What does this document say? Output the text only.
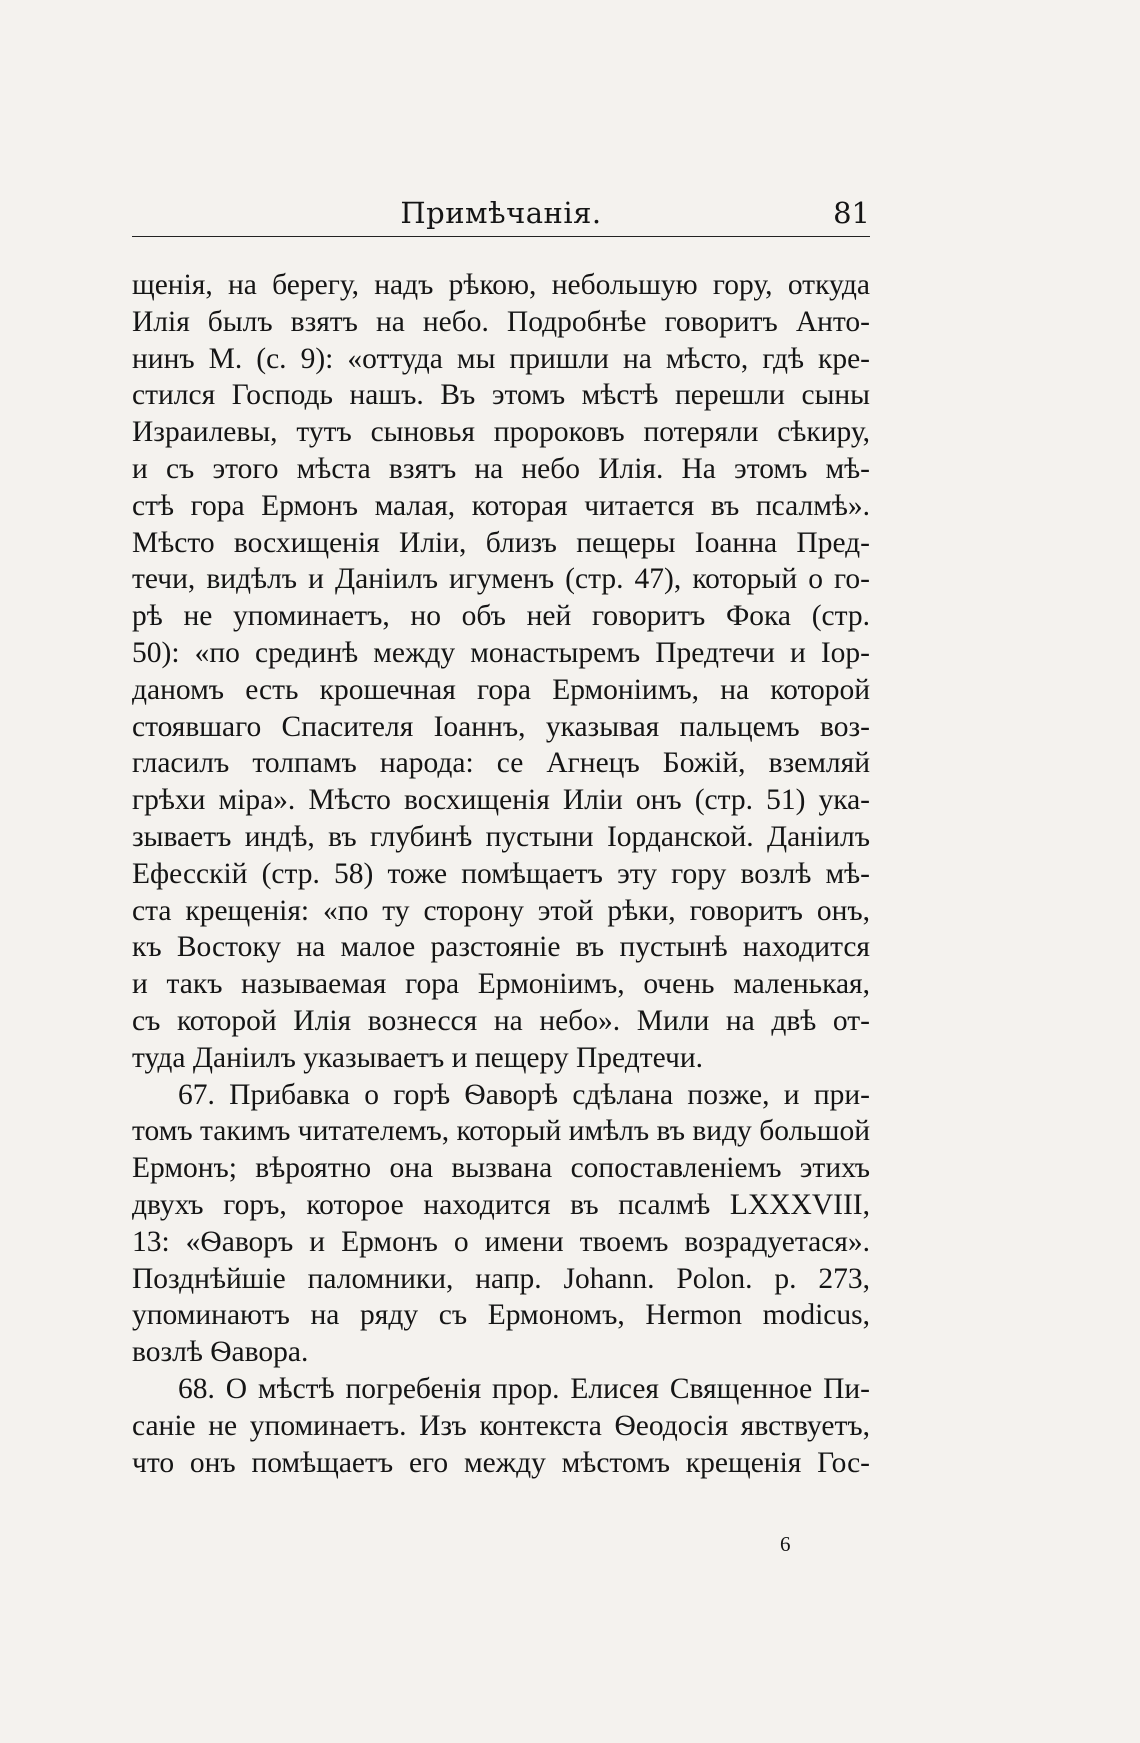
Примѣчанія.	81
щенія, на берегу, надъ рѣкою, небольшую гору, откуда
Илія былъ взятъ на небо. Подробнѣе говоритъ Анто-
нинъ М. (с. 9): «оттуда мы пришли на мѣсто, гдѣ кре-
стился Господь нашъ. Въ этомъ мѣстѣ перешли сыны
Израилевы, тутъ сыновья пророковъ потеряли сѣкиру,
и съ этого мѣста взятъ на небо Илія. На этомъ мѣ-
стѣ гора Ермонъ малая, которая читается въ псалмѣ».
Мѣсто восхищенія Иліи, близъ пещеры Іоанна Пред-
течи, видѣлъ и Даніилъ игуменъ (стр. 47), который о го-
рѣ не упоминаетъ, но объ ней говоритъ Фока (стр.
50): «по срединѣ между монастыремъ Предтечи и Іор-
даномъ есть крошечная гора Ермоніимъ, на которой
стоявшаго Спасителя Іоаннъ, указывая пальцемъ воз-
гласилъ толпамъ народа: се Агнецъ Божій, вземляй
грѣхи міра». Мѣсто восхищенія Иліи онъ (стр. 51) ука-
зываетъ индѣ, въ глубинѣ пустыни Іорданской. Даніилъ
Ефесскій (стр. 58) тоже помѣщаетъ эту гору возлѣ мѣ-
ста крещенія: «по ту сторону этой рѣки, говоритъ онъ,
къ Востоку на малое разстояніе въ пустынѣ находится
и такъ называемая гора Ермоніимъ, очень маленькая,
съ которой Илія вознесся на небо». Мили на двѣ от-
туда Даніилъ указываетъ и пещеру Предтечи.
67. Прибавка о горѣ Ѳаворѣ сдѣлана позже, и при-
томъ такимъ читателемъ, который имѣлъ въ виду большой
Ермонъ; вѣроятно она вызвана сопоставленіемъ этихъ
двухъ горъ, которое находится въ псалмѣ LXXXVIII,
13: «Ѳаворъ и Ермонъ о имени твоемъ возрадуетася».
Позднѣйшіе паломники, напр. Johann. Polon. p. 273,
упоминаютъ на ряду съ Ермономъ, Hermon modicus,
возлѣ Ѳавора.
68. О мѣстѣ погребенія прор. Елисея Священное Пи-
саніе не упоминаетъ. Изъ контекста Ѳеодосія явствуетъ,
что онъ помѣщаетъ его между мѣстомъ крещенія Гос-
6
